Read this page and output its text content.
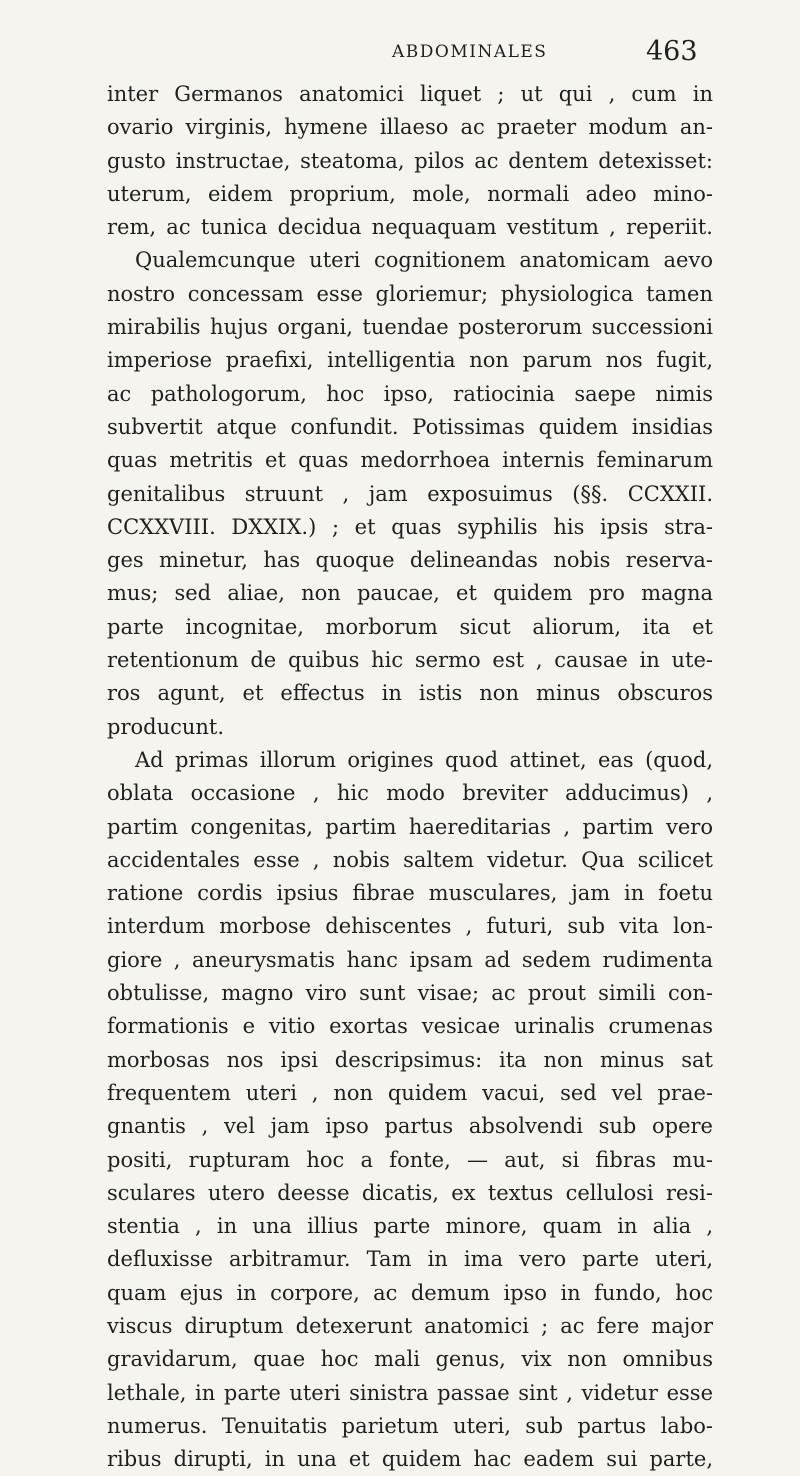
ABDOMINALES	463
inter Germanos anatomici liquet ; ut qui , cum in
ovario virginis, hymene illaeso ac praeter modum an-
gusto instructae, steatoma, pilos ac dentem detexisset:
uterum, eidem proprium, mole, normali adeo mino-
rem, ac tunica decidua nequaquam vestitum , reperiit.
Qualemcunque uteri cognitionem anatomicam aevo
nostro concessam esse gloriemur; physiologica tamen
mirabilis hujus organi, tuendae posterorum successioni
imperiose praefixi, intelligentia non parum nos fugit,
ac pathologorum, hoc ipso, ratiocinia saepe nimis
subvertit atque confundit. Potissimas quidem insidias
quas metritis et quas medorrhoea internis feminarum
genitalibus struunt , jam exposuimus (§§. CCXXII.
CCXXVIII. DXXIX.) ; et quas syphilis his ipsis stra-
ges minetur, has quoque delineandas nobis reserva-
mus; sed aliae, non paucae, et quidem pro magna
parte incognitae, morborum sicut aliorum, ita et
retentionum de quibus hic sermo est , causae in ute-
ros agunt, et effectus in istis non minus obscuros
producunt.
Ad primas illorum origines quod attinet, eas (quod,
oblata occasione , hic modo breviter adducimus) ,
partim congenitas, partim haereditarias , partim vero
accidentales esse , nobis saltem videtur. Qua scilicet
ratione cordis ipsius fibrae musculares, jam in foetu
interdum morbose dehiscentes , futuri, sub vita lon-
giore , aneurysmatis hanc ipsam ad sedem rudimenta
obtulisse, magno viro sunt visae; ac prout simili con-
formationis e vitio exortas vesicae urinalis crumenas
morbosas nos ipsi descripsimus: ita non minus sat
frequentem uteri , non quidem vacui, sed vel prae-
gnantis , vel jam ipso partus absolvendi sub opere
positi, rupturam hoc a fonte, — aut, si fibras mu-
sculares utero deesse dicatis, ex textus cellulosi resi-
stentia , in una illius parte minore, quam in alia ,
defluxisse arbitramur. Tam in ima vero parte uteri,
quam ejus in corpore, ac demum ipso in fundo, hoc
viscus diruptum detexerunt anatomici ; ac fere major
gravidarum, quae hoc mali genus, vix non omnibus
lethale, in parte uteri sinistra passae sint , videtur esse
numerus. Tenuitatis parietum uteri, sub partus labo-
ribus dirupti, in una et quidem hac eadem sui parte,
